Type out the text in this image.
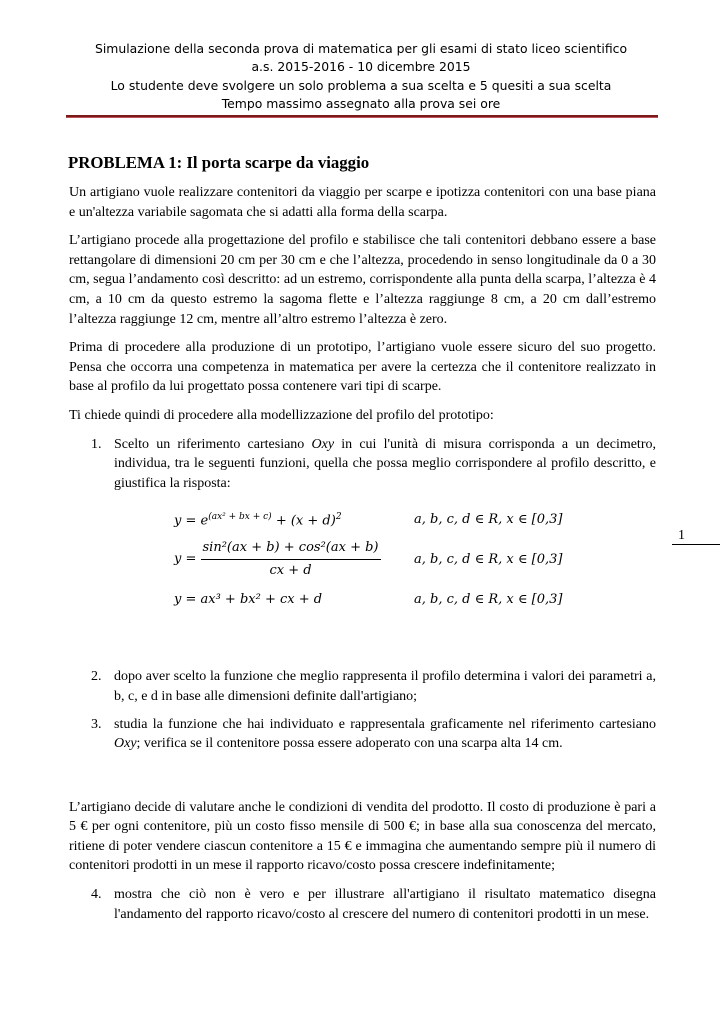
Simulazione della seconda prova di matematica per gli esami di stato liceo scientifico
a.s. 2015-2016 - 10 dicembre 2015
Lo studente deve svolgere un solo problema a sua scelta e 5 quesiti a sua scelta
Tempo massimo assegnato alla prova sei ore
PROBLEMA 1: Il porta scarpe da viaggio

Un artigiano vuole realizzare contenitori da viaggio per scarpe e ipotizza contenitori con una base piana e un'altezza variabile sagomata che si adatti alla forma della scarpa.

L’artigiano procede alla progettazione del profilo e stabilisce che tali contenitori debbano essere a base rettangolare di dimensioni 20 cm per 30 cm e che l’altezza, procedendo in senso longitudinale da 0 a 30 cm, segua l’andamento così descritto: ad un estremo, corrispondente alla punta della scarpa, l’altezza è 4 cm, a 10 cm da questo estremo la sagoma flette e l’altezza raggiunge 8 cm, a 20 cm dall’estremo l’altezza raggiunge 12 cm, mentre all’altro estremo l’altezza è zero.

Prima di procedere alla produzione di un prototipo, l’artigiano vuole essere sicuro del suo progetto. Pensa che occorra una competenza in matematica per avere la certezza che il contenitore realizzato in base al profilo da lui progettato possa contenere vari tipi di scarpe.

Ti chiede quindi di procedere alla modellizzazione del profilo del prototipo:

1. Scelto un riferimento cartesiano Oxy in cui l'unità di misura corrisponda a un decimetro, individua, tra le seguenti funzioni, quella che possa meglio corrispondere al profilo descritto, e giustifica la risposta:
$y = e^{(ax^2 + bx + c)} + (x + d)^2$	a, b, c, d ∈ R, x ∈ [0,3]
$y = \frac{\text{sin²(ax + b) + cos²(ax + b)}}{cx + d}$	a, b, c, d ∈ R, x ∈ [0,3]
y = ax³ + bx² + cx + d	a, b, c, d ∈ R, x ∈ [0,3]
2. dopo aver scelto la funzione che meglio rappresenta il profilo determina i valori dei parametri a, b, c, e d in base alle dimensioni definite dall'artigiano;
3. studia la funzione che hai individuato e rappresentala graficamente nel riferimento cartesiano Oxy; verifica se il contenitore possa essere adoperato con una scarpa alta 14 cm.

L’artigiano decide di valutare anche le condizioni di vendita del prodotto. Il costo di produzione è pari a 5 € per ogni contenitore, più un costo fisso mensile di 500 €; in base alla sua conoscenza del mercato, ritiene di poter vendere ciascun contenitore a 15 € e immagina che aumentando sempre più il numero di contenitori prodotti in un mese il rapporto ricavo/costo possa crescere indefinitamente;

4. mostra che ciò non è vero e per illustrare all'artigiano il risultato matematico disegna l'andamento del rapporto ricavo/costo al crescere del numero di contenitori prodotti in un mese.
1
